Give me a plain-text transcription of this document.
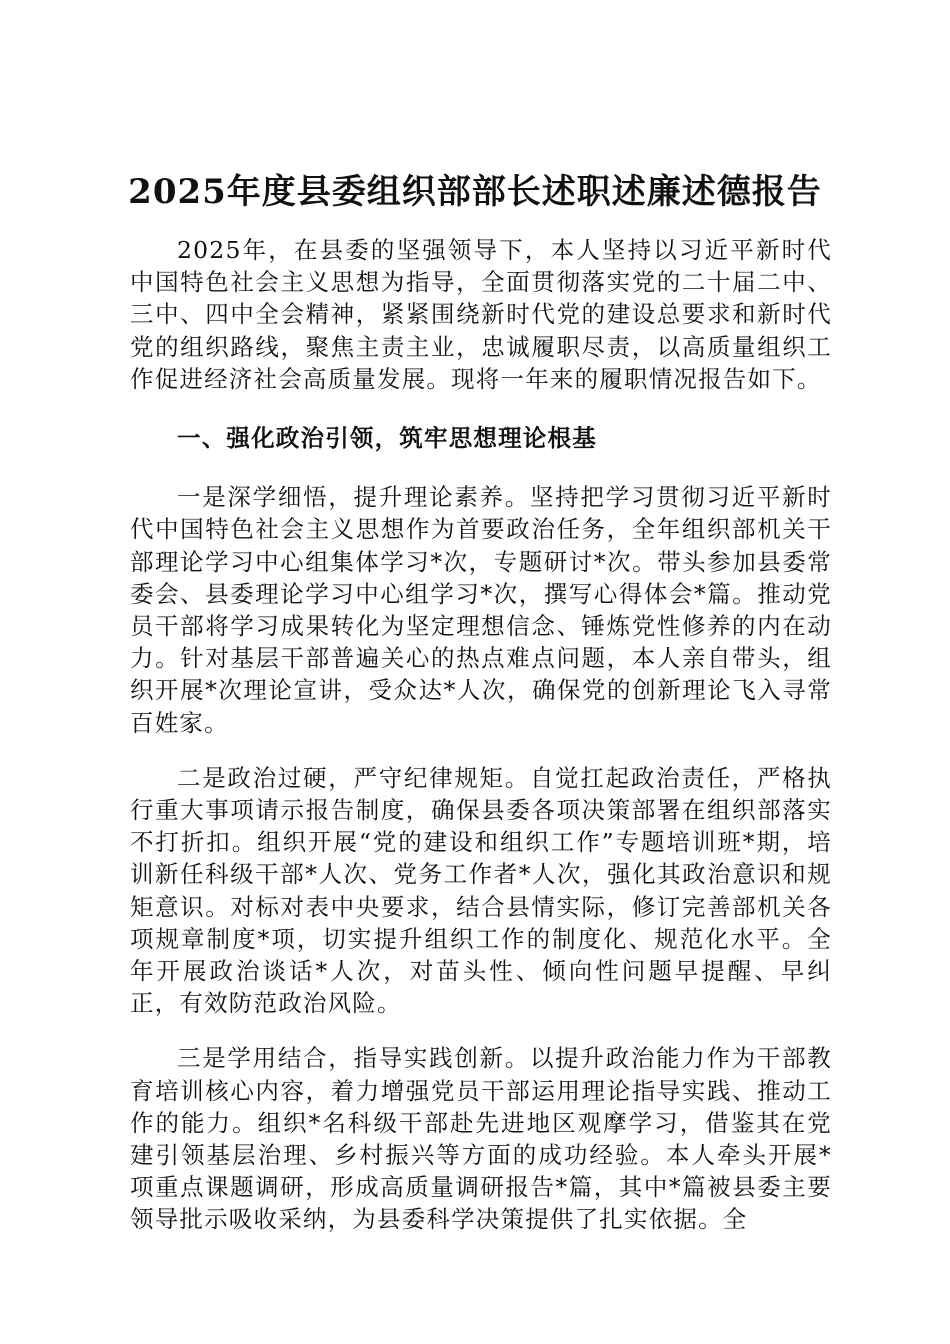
2025年度县委组织部部长述职述廉述德报告

2025年，在县委的坚强领导下，本人坚持以习近平新时代中国特色社会主义思想为指导，全面贯彻落实党的二十届二中、三中、四中全会精神，紧紧围绕新时代党的建设总要求和新时代党的组织路线，聚焦主责主业，忠诚履职尽责，以高质量组织工作促进经济社会高质量发展。现将一年来的履职情况报告如下。

一、强化政治引领，筑牢思想理论根基

一是深学细悟，提升理论素养。坚持把学习贯彻习近平新时代中国特色社会主义思想作为首要政治任务，全年组织部机关干部理论学习中心组集体学习*次，专题研讨*次。带头参加县委常委会、县委理论学习中心组学习*次，撰写心得体会*篇。推动党员干部将学习成果转化为坚定理想信念、锤炼党性修养的内在动力。针对基层干部普遍关心的热点难点问题，本人亲自带头，组织开展*次理论宣讲，受众达*人次，确保党的创新理论飞入寻常百姓家。

二是政治过硬，严守纪律规矩。自觉扛起政治责任，严格执行重大事项请示报告制度，确保县委各项决策部署在组织部落实不打折扣。组织开展“党的建设和组织工作”专题培训班*期，培训新任科级干部*人次、党务工作者*人次，强化其政治意识和规矩意识。对标对表中央要求，结合县情实际，修订完善部机关各项规章制度*项，切实提升组织工作的制度化、规范化水平。全年开展政治谈话*人次，对苗头性、倾向性问题早提醒、早纠正，有效防范政治风险。

三是学用结合，指导实践创新。以提升政治能力作为干部教育培训核心内容，着力增强党员干部运用理论指导实践、推动工作的能力。组织*名科级干部赴先进地区观摩学习，借鉴其在党建引领基层治理、乡村振兴等方面的成功经验。本人牵头开展*项重点课题调研，形成高质量调研报告*篇，其中*篇被县委主要领导批示吸收采纳，为县委科学决策提供了扎实依据。全
